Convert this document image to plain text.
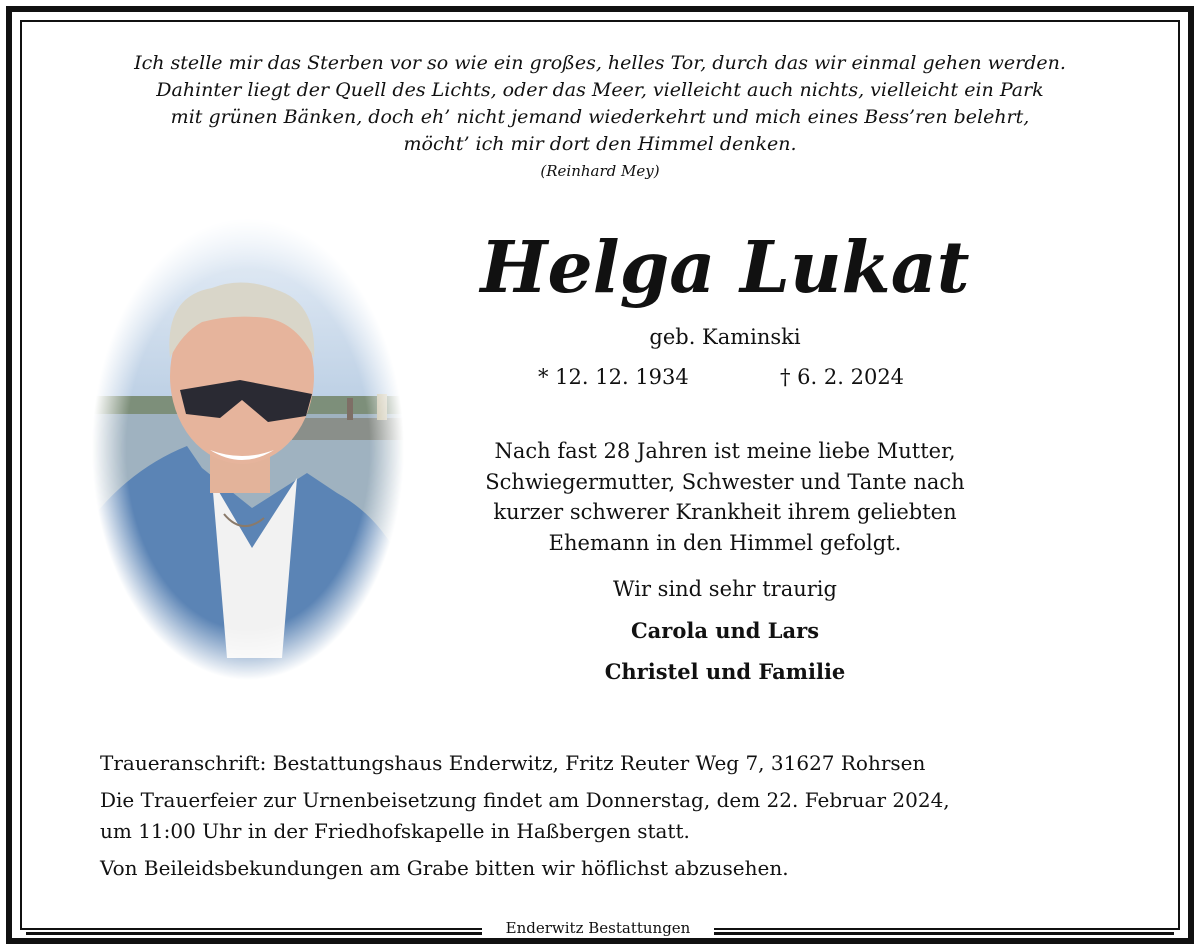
Ich stelle mir das Sterben vor so wie ein großes, helles Tor, durch das wir einmal gehen werden.

Dahinter liegt der Quell des Lichts, oder das Meer, vielleicht auch nichts, vielleicht ein Park

mit grünen Bänken, doch eh’ nicht jemand wiederkehrt und mich eines Bess’ren belehrt,

möcht’ ich mir dort den Himmel denken.

(Reinhard Mey)

Helga Lukat
geb. Kaminski
* 12. 12. 1934	† 6. 2. 2024

Nach fast 28 Jahren ist meine liebe Mutter,

Schwiegermutter, Schwester und Tante nach

kurzer schwerer Krankheit ihrem geliebten

Ehemann in den Himmel gefolgt.

Wir sind sehr traurig
Carola und Lars
Christel und Familie

Traueranschrift: Bestattungshaus Enderwitz, Fritz Reuter Weg 7, 31627 Rohrsen

Die Trauerfeier zur Urnenbeisetzung findet am Donnerstag, dem 22. Februar 2024,

um 11:00 Uhr in der Friedhofskapelle in Haßbergen statt.

Von Beileidsbekundungen am Grabe bitten wir höflichst abzusehen.

Enderwitz Bestattungen
